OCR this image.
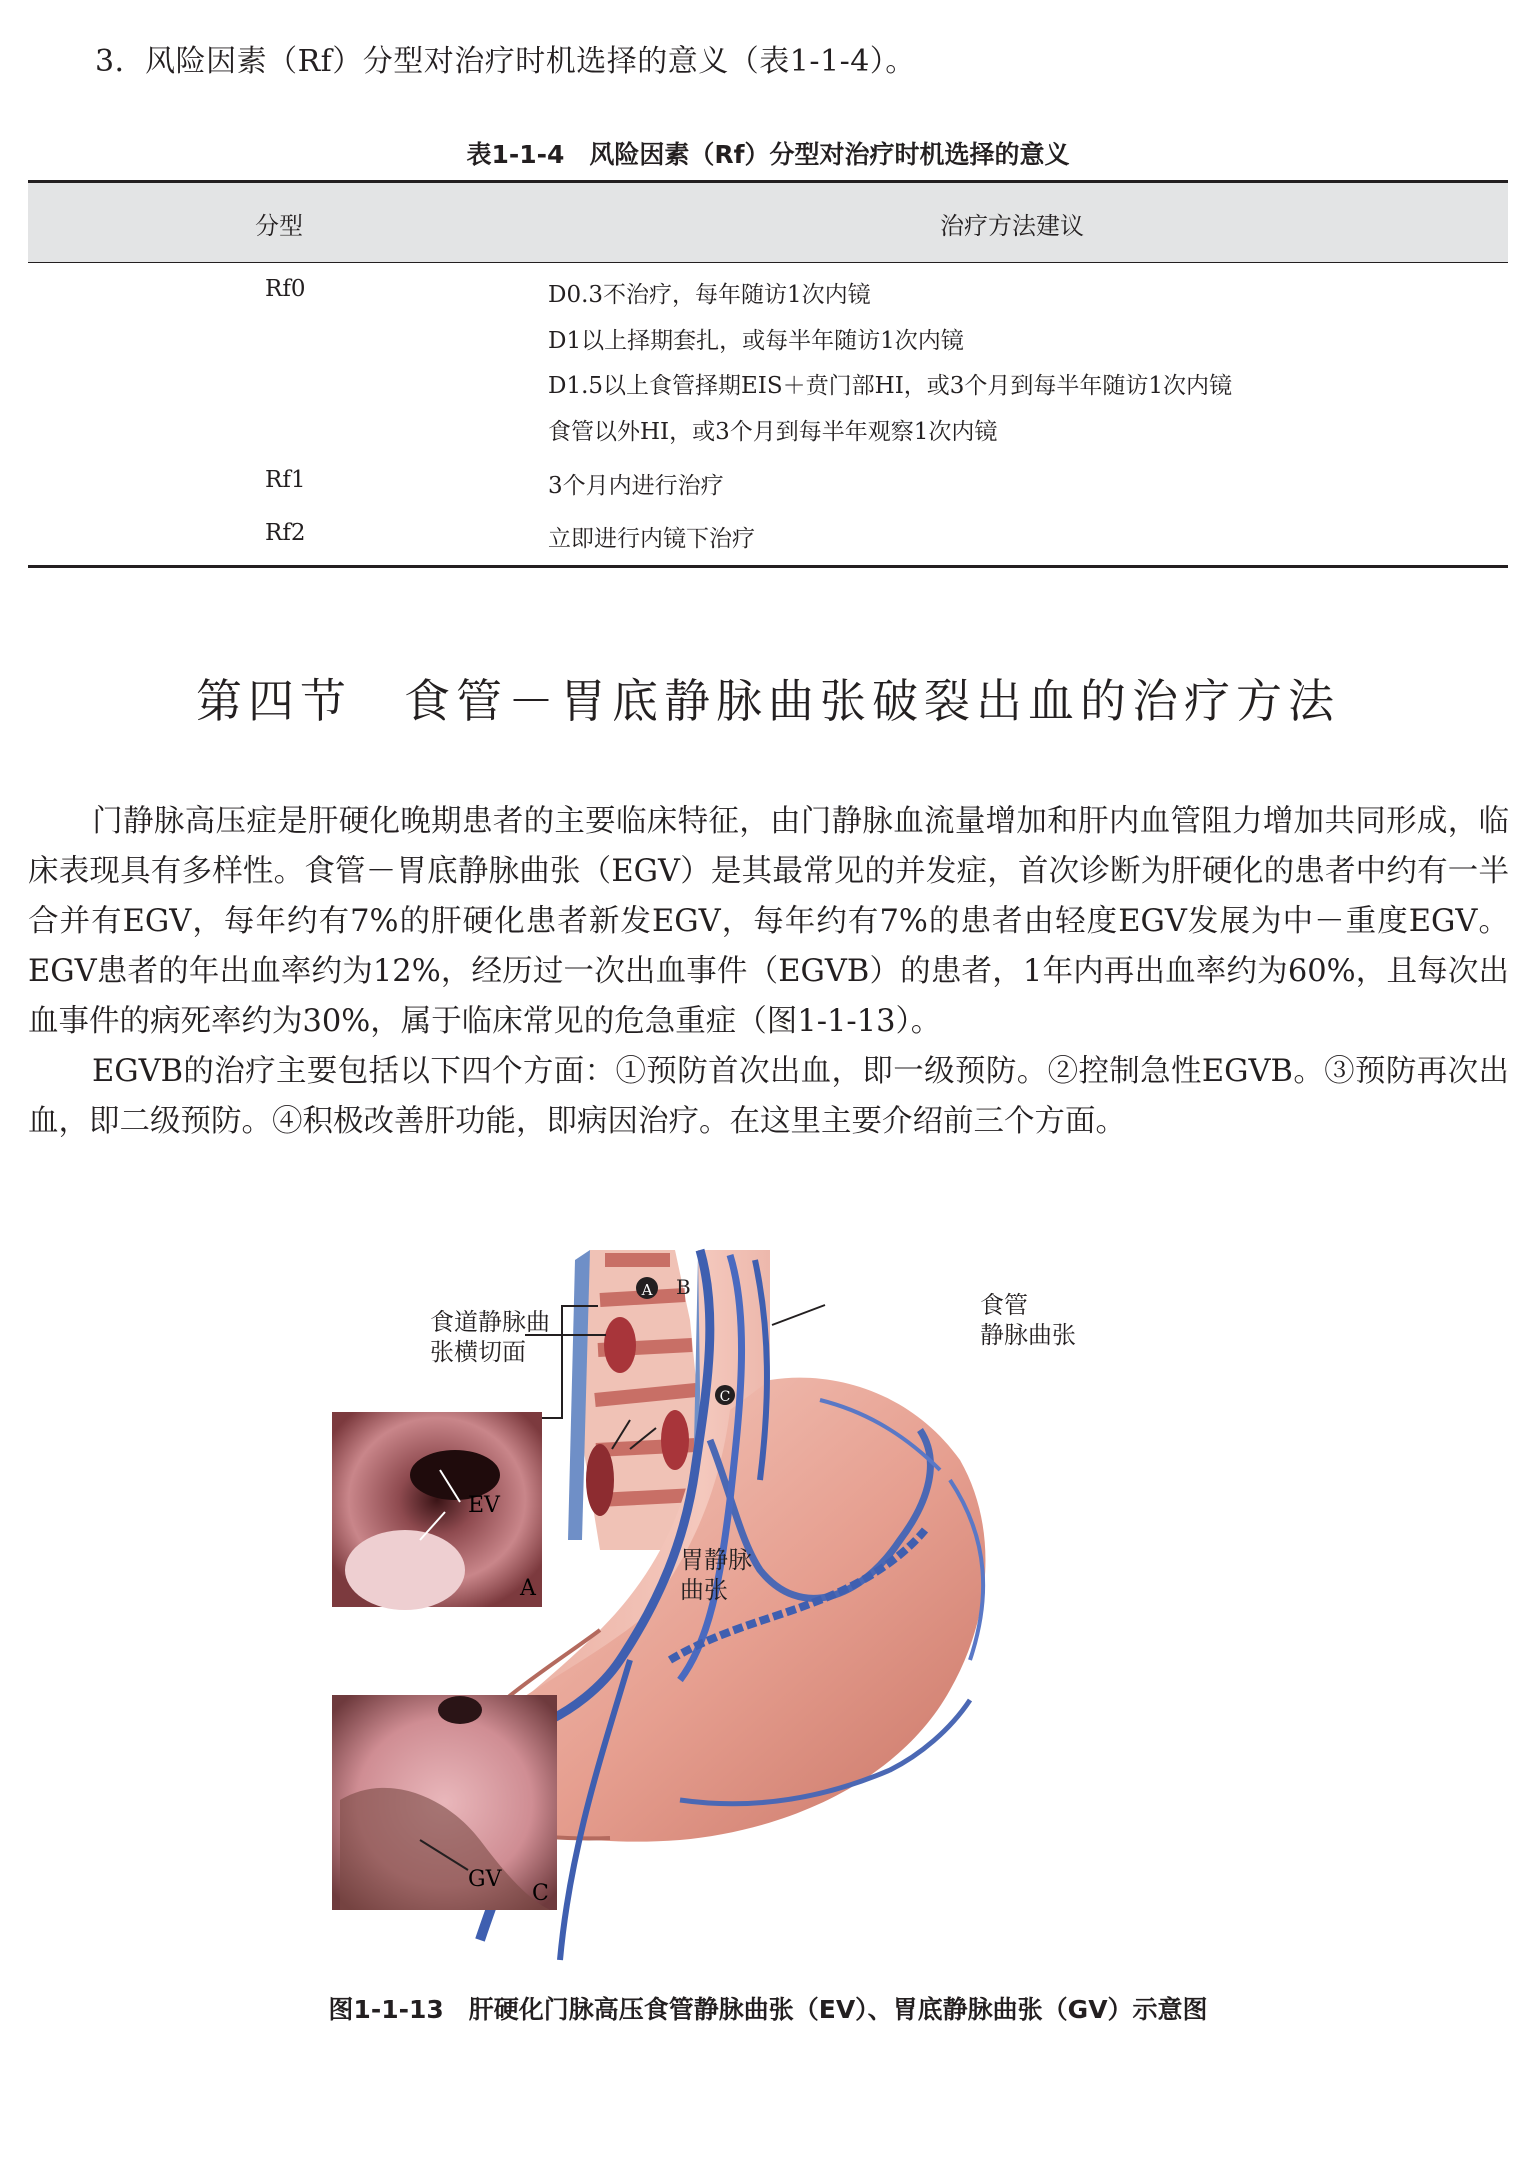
3．风险因素（Rf）分型对治疗时机选择的意义（表1-1-4）。
表1-1-4　风险因素（Rf）分型对治疗时机选择的意义
分型	治疗方法建议
Rf0	D0.3不治疗，每年随访1次内镜
D1以上择期套扎，或每半年随访1次内镜
D1.5以上食管择期EIS＋贲门部HI，或3个月到每半年随访1次内镜
食管以外HI，或3个月到每半年观察1次内镜
Rf1	3个月内进行治疗
Rf2	立即进行内镜下治疗
第四节　食管－胃底静脉曲张破裂出血的治疗方法

门静脉高压症是肝硬化晚期患者的主要临床特征，由门静脉血流量增加和肝内血管阻力增加共同形成，临床表现具有多样性。食管－胃底静脉曲张（EGV）是其最常见的并发症，首次诊断为肝硬化的患者中约有一半合并有EGV，每年约有7%的肝硬化患者新发EGV，每年约有7%的患者由轻度EGV发展为中－重度EGV。EGV患者的年出血率约为12%，经历过一次出血事件（EGVB）的患者，1年内再出血率约为60%，且每次出血事件的病死率约为30%，属于临床常见的危急重症（图1-1-13）。

EGVB的治疗主要包括以下四个方面：①预防首次出血，即一级预防。②控制急性EGVB。③预防再次出血，即二级预防。④积极改善肝功能，即病因治疗。在这里主要介绍前三个方面。

A
C
EV
A
GV
C
B
食道静脉曲
张横切面
食管
静脉曲张
胃静脉
曲张
图1-1-13　肝硬化门脉高压食管静脉曲张（EV）、胃底静脉曲张（GV）示意图
